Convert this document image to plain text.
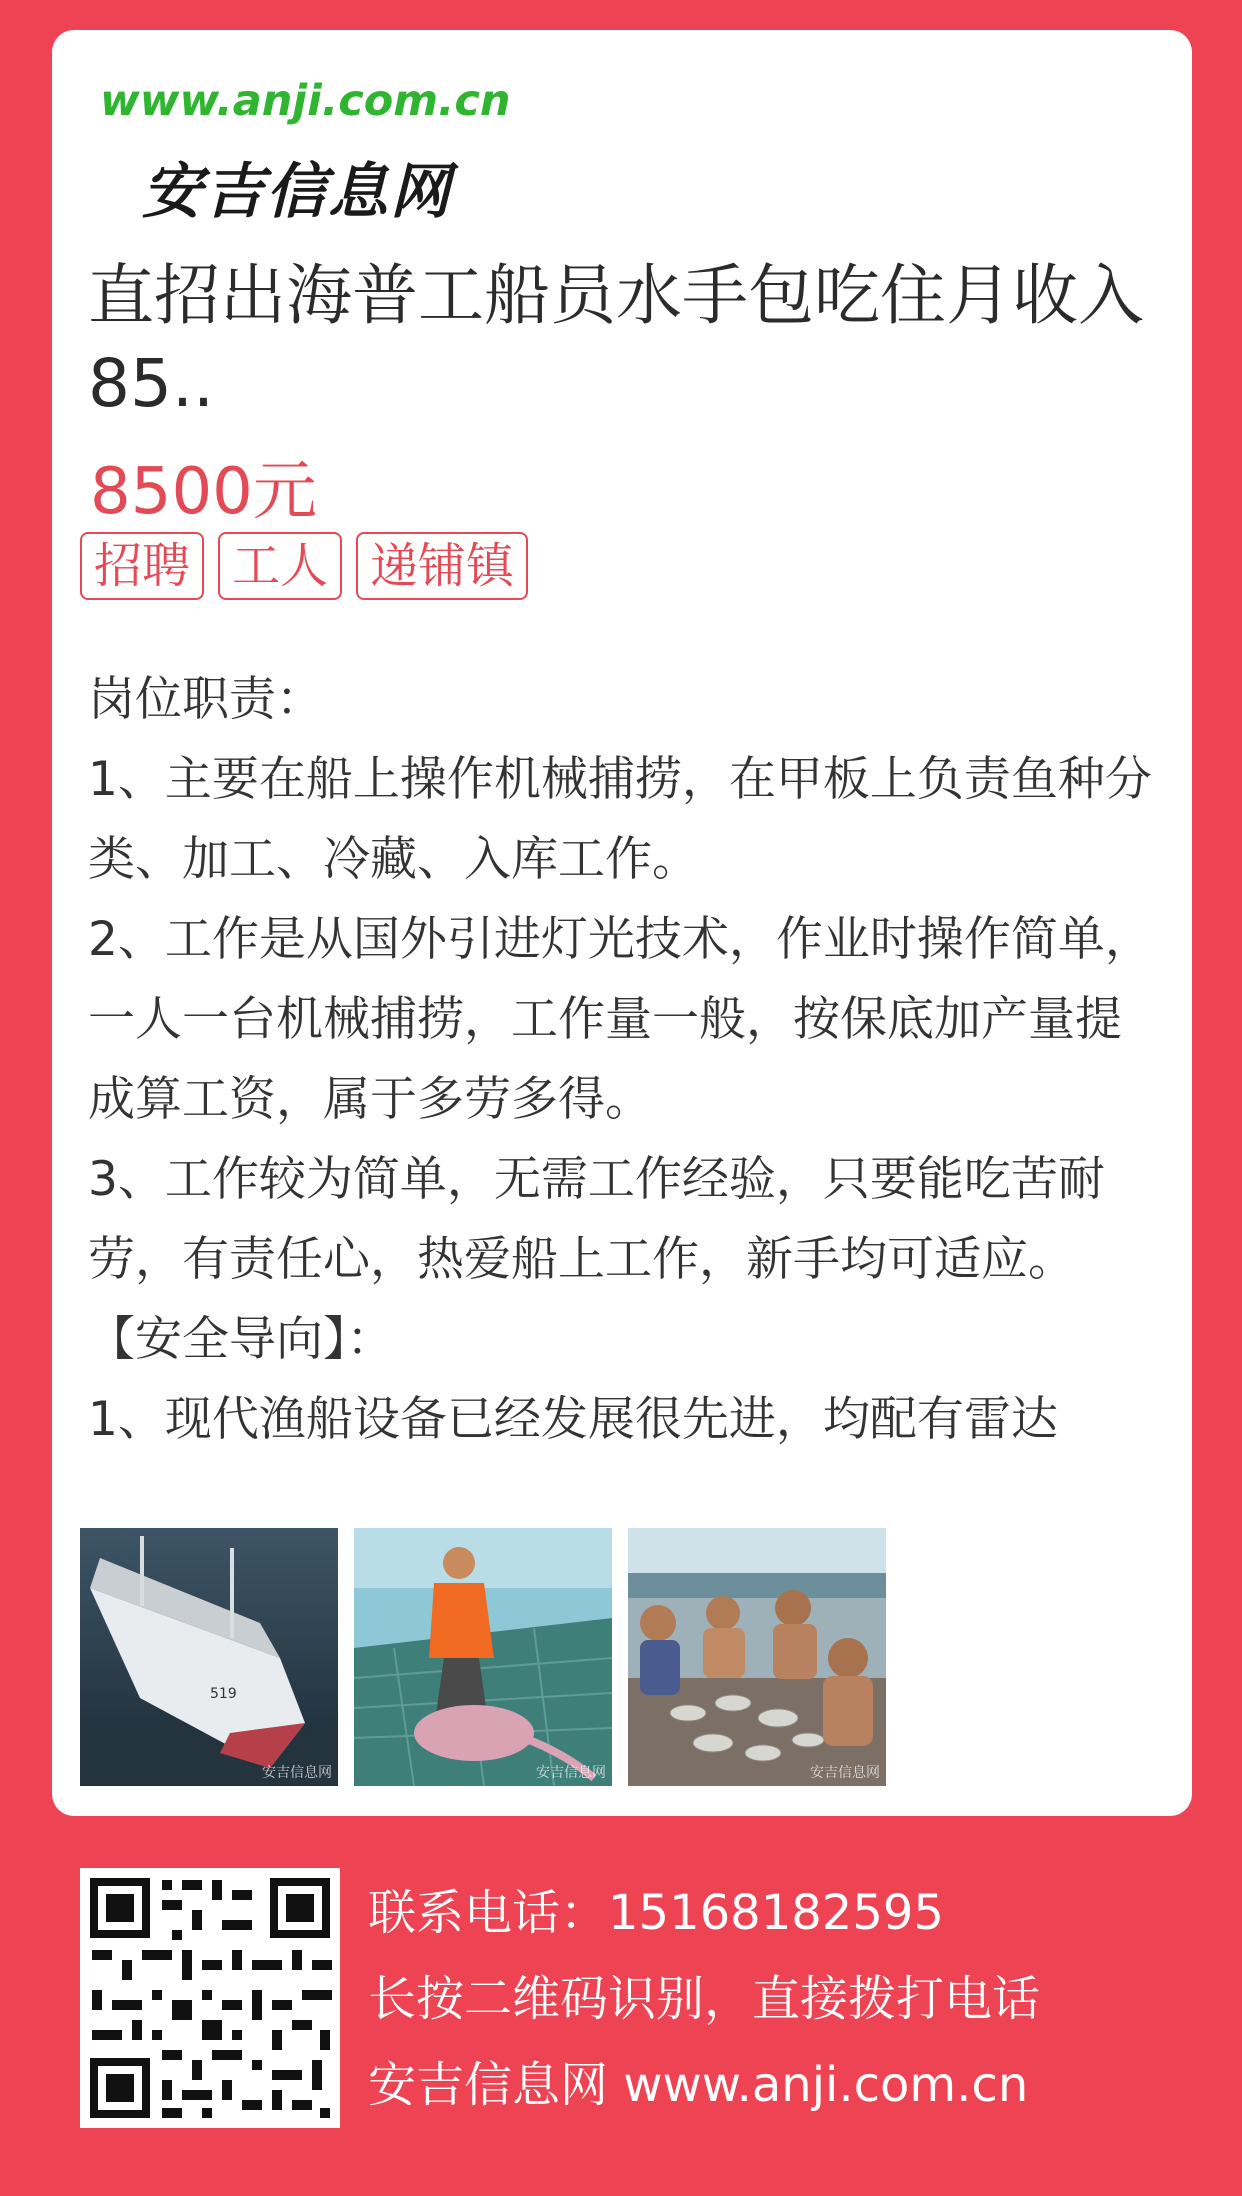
www.anji.com.cn
安吉信息网
直招出海普工船员水手包吃住月收入85..
8500元
招聘 工人 递铺镇

岗位职责：

1、主要在船上操作机械捕捞，在甲板上负责鱼种分类、加工、冷藏、入库工作。

2、工作是从国外引进灯光技术，作业时操作简单，一人一台机械捕捞，工作量一般，按保底加产量提成算工资，属于多劳多得。

3、工作较为简单，无需工作经验，只要能吃苦耐劳，有责任心，热爱船上工作，新手均可适应。

【安全导向】：

1、现代渔船设备已经发展很先进，均配有雷达

519
安吉信息网	安吉信息网	安吉信息网
联系电话：15168182595
长按二维码识别，直接拨打电话
安吉信息网 www.anji.com.cn
